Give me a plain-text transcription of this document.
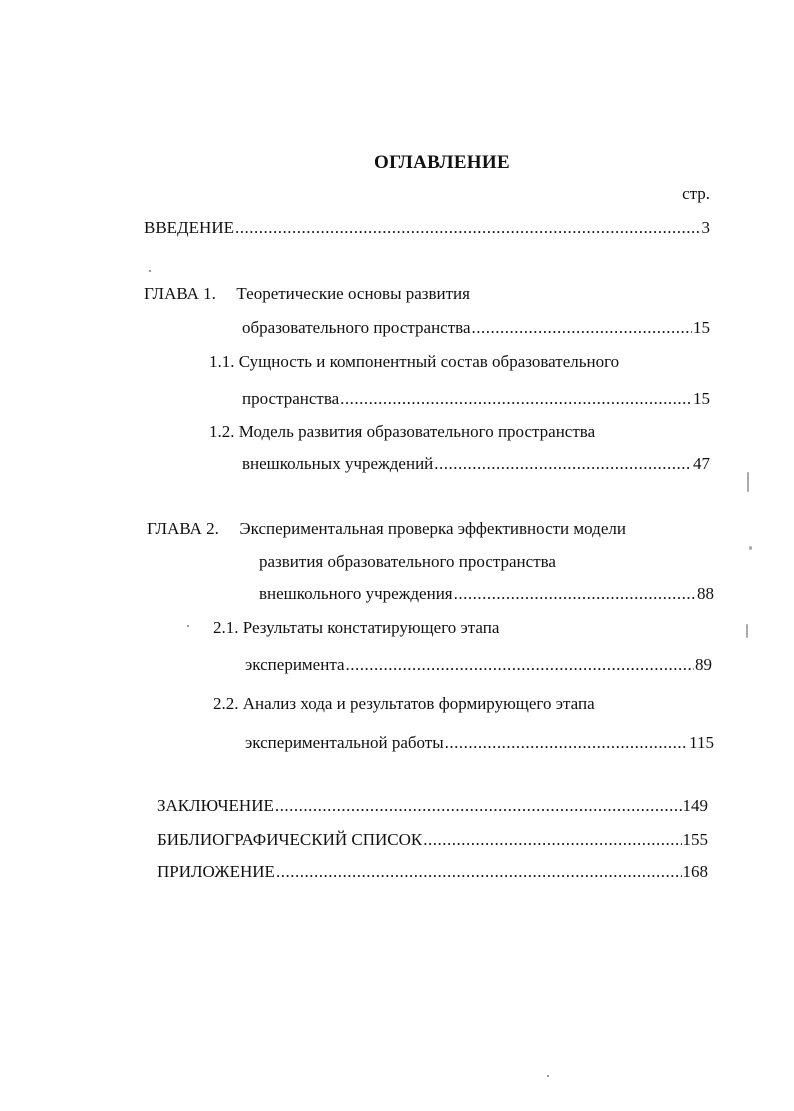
ОГЛАВЛЕНИЕ
стр.
ВВЕДЕНИЕ .....	3
ГЛАВА 1. Теоретические основы развития
образовательного пространства .....	15
1.1. Сущность и компонентный состав образовательного
пространства .....	15
1.2. Модель развития образовательного пространства
внешкольных учреждений .....	47
ГЛАВА 2. Экспериментальная проверка эффективности модели
развития образовательного пространства
внешкольного учреждения .....	88
2.1. Результаты констатирующего этапа
эксперимента .....	89
2.2. Анализ хода и результатов формирующего этапа
экспериментальной работы .....	115
ЗАКЛЮЧЕНИЕ .....	149
БИБЛИОГРАФИЧЕСКИЙ СПИСОК .....	155
ПРИЛОЖЕНИЕ .....	168
